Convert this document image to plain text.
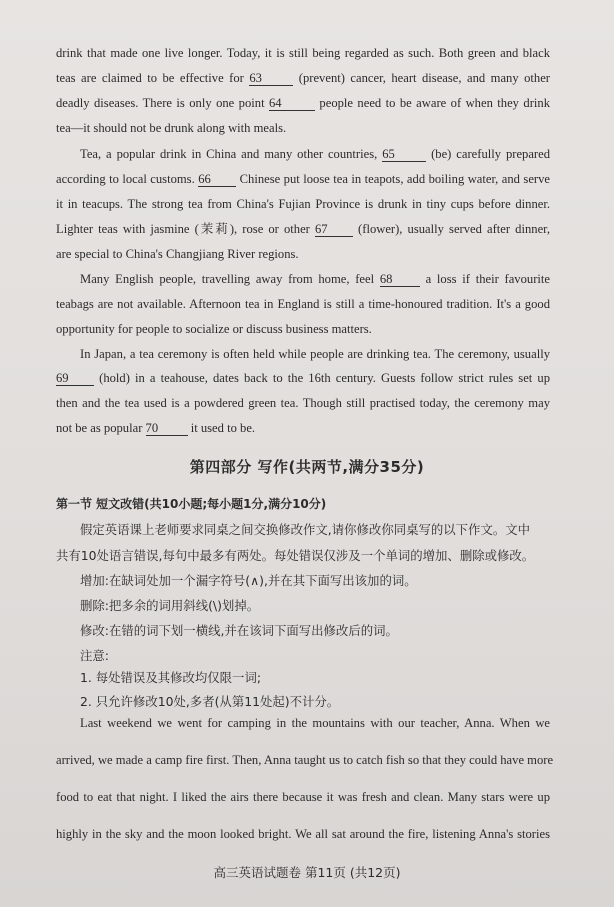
drink that made one live longer. Today, it is still being regarded as such. Both green and black
teas are claimed to be effective for 63 (prevent) cancer, heart disease, and many other
deadly diseases. There is only one point 64	people need to be aware of when they drink
tea—it should not be drunk along with meals.
Tea, a popular drink in China and many other countries, 65 (be) carefully prepared
according to local customs. 66 Chinese put loose tea in teapots, add boiling water, and serve
it in teacups. The strong tea from China's Fujian Province is drunk in tiny cups before dinner.
Lighter teas with jasmine (茉莉), rose or other 67 (flower), usually served after dinner,
are special to China's Changjiang River regions.
Many English people, travelling away from home, feel 68 a loss if their favourite
teabags are not available. Afternoon tea in England is still a time-honoured tradition. It's a good
opportunity for people to socialize or discuss business matters.
In Japan, a tea ceremony is often held while people are drinking tea. The ceremony, usually
69 (hold) in a teahouse, dates back to the 16th century. Guests follow strict rules set up
then and the tea used is a powdered green tea. Though still practised today, the ceremony may
not be as popular 70 it used to be.
第四部分 写作(共两节,满分35分)
第一节 短文改错(共10小题;每小题1分,满分10分)
假定英语课上老师要求同桌之间交换修改作文,请你修改你同桌写的以下作文。文中
共有10处语言错误,每句中最多有两处。每处错误仅涉及一个单词的增加、删除或修改。
增加:在缺词处加一个漏字符号(∧),并在其下面写出该加的词。
删除:把多余的词用斜线(\)划掉。
修改:在错的词下划一横线,并在该词下面写出修改后的词。
注意:
1. 每处错误及其修改均仅限一词;
2. 只允许修改10处,多者(从第11处起)不计分。
Last weekend we went for camping in the mountains with our teacher, Anna. When we
arrived, we made a camp fire first. Then, Anna taught us to catch fish so that they could have more
food to eat that night. I liked the airs there because it was fresh and clean. Many stars were up
highly in the sky and the moon looked bright. We all sat around the fire, listening Anna's stories
高三英语试题卷 第11页 (共12页)
